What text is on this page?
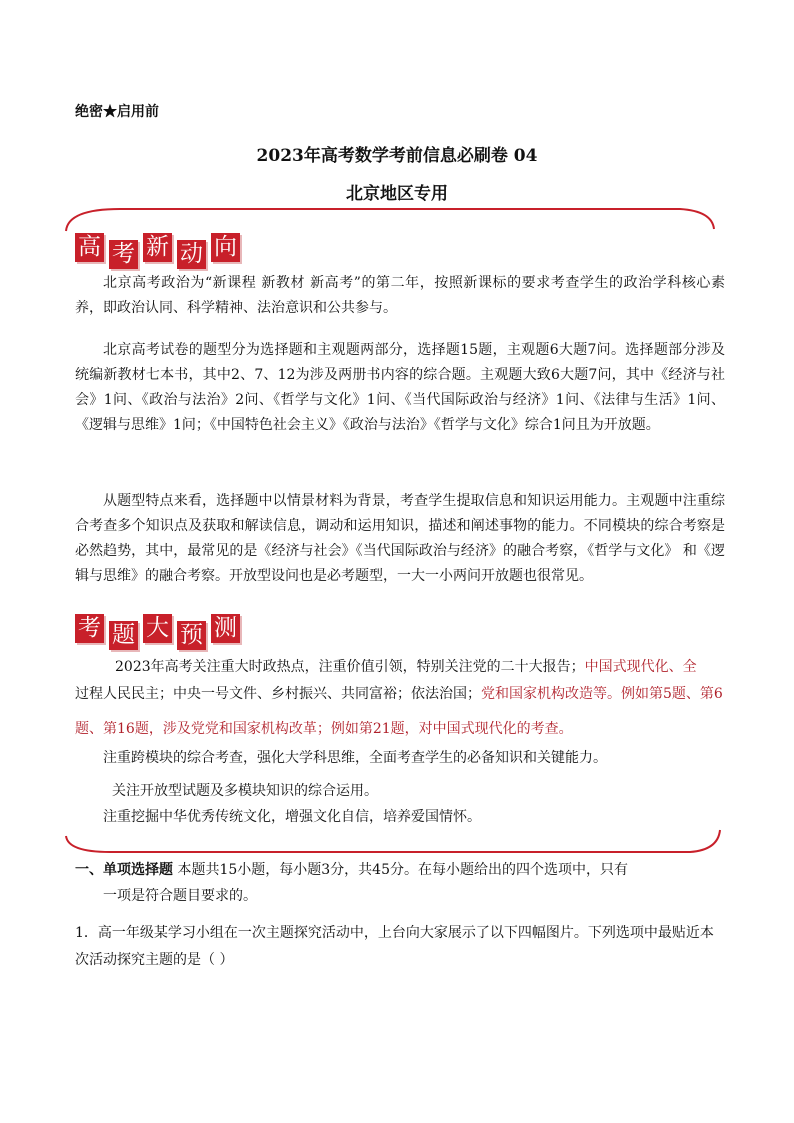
绝密★启用前
2023年高考数学考前信息必刷卷 04
北京地区专用
高 考 新 动 向

北京高考政治为“新课程 新教材 新高考”的第二年，按照新课标的要求考查学生的政治学科核心素养，即政治认同、科学精神、法治意识和公共参与。

北京高考试卷的题型分为选择题和主观题两部分，选择题15题，主观题6大题7问。选择题部分涉及统编新教材七本书，其中2、7、12为涉及两册书内容的综合题。主观题大致6大题7问，其中《经济与社会》1问、《政治与法治》2问、《哲学与文化》1问、《当代国际政治与经济》1问、《法律与生活》1问、《逻辑与思维》1问；《中国特色社会主义》《政治与法治》《哲学与文化》综合1问且为开放题。

从题型特点来看，选择题中以情景材料为背景，考查学生提取信息和知识运用能力。主观题中注重综合考查多个知识点及获取和解读信息，调动和运用知识，描述和阐述事物的能力。不同模块的综合考察是必然趋势，其中，最常见的是《经济与社会》《当代国际政治与经济》的融合考察，《哲学与文化》 和《逻辑与思维》的融合考察。开放型设问也是必考题型，一大一小两问开放题也很常见。

考 题 大 预 测

2023年高考关注重大时政热点，注重价值引领，特别关注党的二十大报告；中国式现代化、全

过程人民民主；中央一号文件、乡村振兴、共同富裕；依法治国；党和国家机构改造等。例如第5题、第6

题、第16题，涉及党党和国家机构改革；例如第21题，对中国式现代化的考查。

注重跨模块的综合考查，强化大学科思维，全面考查学生的必备知识和关键能力。
关注开放型试题及多模块知识的综合运用。
注重挖掘中华优秀传统文化，增强文化自信，培养爱国情怀。
一、单项选择题 本题共15小题，每小题3分，共45分。在每小题给出的四个选项中，只有
一项是符合题目要求的。
1．高一年级某学习小组在一次主题探究活动中，上台向大家展示了以下四幅图片。下列选项中最贴近本次活动探究主题的是（ ）
